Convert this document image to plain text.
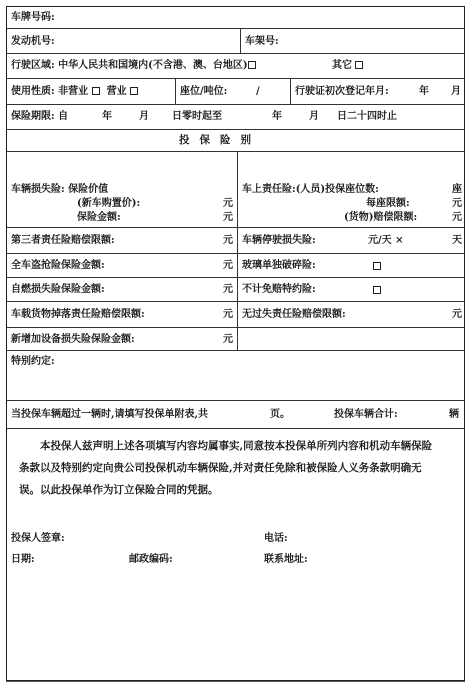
车牌号码:
发动机号:	车架号:
行驶区域: 中华人民共和国境内(不含港、澳、台地区)	其它
使用性质: 非营业 营业	座位/吨位:	/	行驶证初次登记年月:	年 月
保险期限: 自	年	月 日零时起至	年	月 日二十四时止
投保险别
车辆损失险: 保险价值
(新车购置价):	元
保险金额:	元
车上责任险:(人员)投保座位数:	座
每座限额:	元
(货物)赔偿限额:	元
第三者责任险赔偿限额:	元 车辆停驶损失险:	元/天 ×	天
全车盗抢险保险金额:	元 玻璃单独破碎险:
自燃损失险保险金额:	元 不计免赔特约险:
车载货物掉落责任险赔偿限额:	元 无过失责任险赔偿限额:	元
新增加设备损失险保险金额:	元
特别约定:
当投保车辆超过一辆时,请填写投保单附表,共	页。	投保车辆合计:	辆

本投保人兹声明上述各项填写内容均属事实,同意按本投保单所列内容和机动车辆保险条款以及特别约定向贵公司投保机动车辆保险,并对责任免除和被保险人义务条款明确无误。以此投保单作为订立保险合同的凭据。

投保人签章:	电话:
日期:	邮政编码:	联系地址:
